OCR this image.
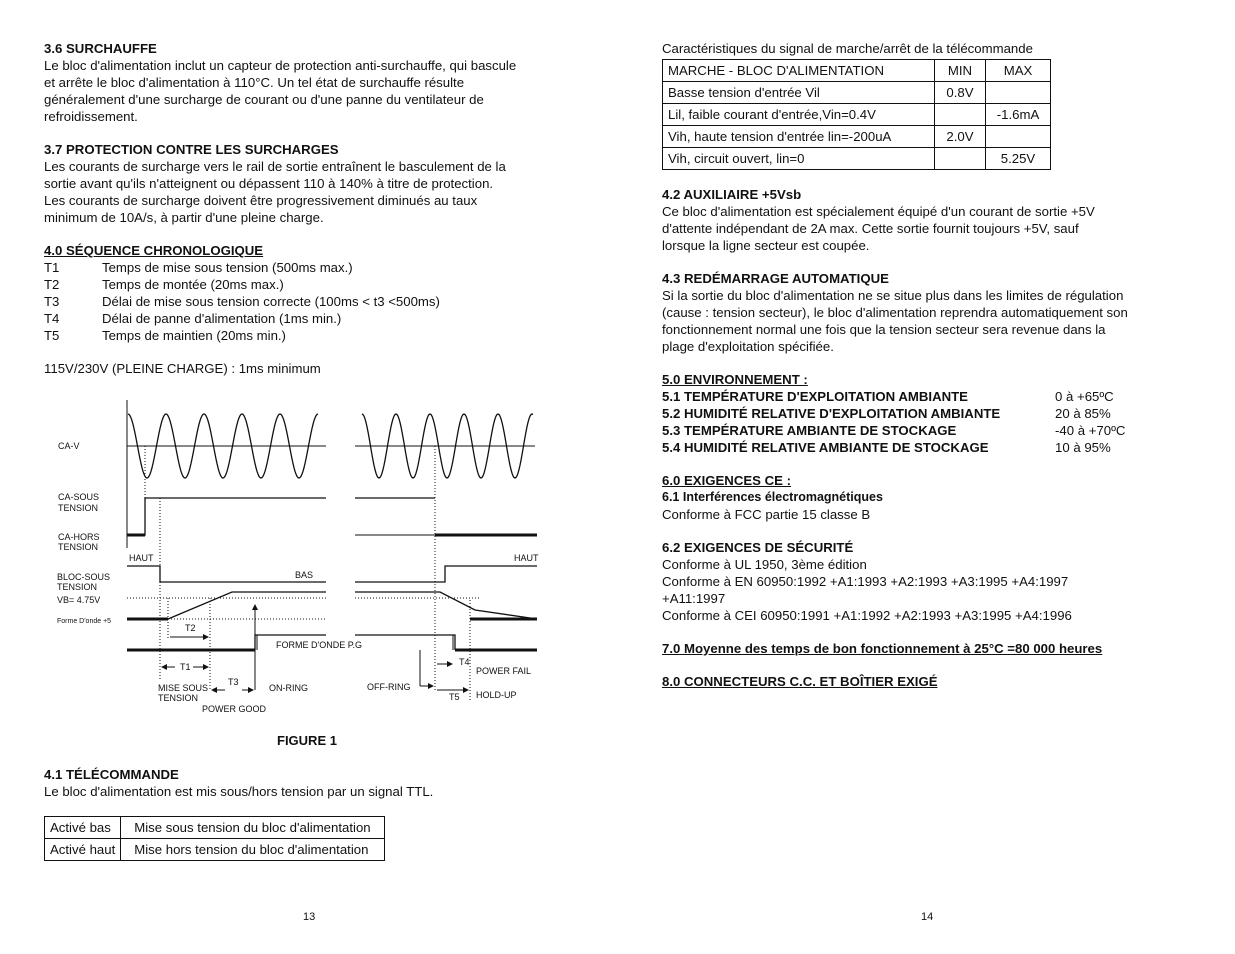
3.6 SURCHAUFFE
Le bloc d'alimentation inclut un capteur de protection anti-surchauffe, qui bascule
et arrête le bloc d'alimentation à 110°C. Un tel état de surchauffe résulte
généralement d'une surcharge de courant ou d'une panne du ventilateur de
refroidissement.
3.7 PROTECTION CONTRE LES SURCHARGES
Les courants de surcharge vers le rail de sortie entraînent le basculement de la
sortie avant qu'ils n'atteignent ou dépassent 110 à 140% à titre de protection.
Les courants de surcharge doivent être progressivement diminués au taux
minimum de 10A/s, à partir d'une pleine charge.
4.0 SÉQUENCE CHRONOLOGIQUE
T1	Temps de mise sous tension (500ms max.)
T2	Temps de montée (20ms max.)
T3	Délai de mise sous tension correcte (100ms < t3 <500ms)
T4	Délai de panne d'alimentation (1ms min.)
T5	Temps de maintien (20ms min.)
115V/230V (PLEINE CHARGE) : 1ms minimum
CA-V
CA-SOUS
TENSION
CA-HORS
TENSION
HAUT	HAUT
BAS
BLOC-SOUS
TENSION
VB= 4.75V
Forme D'onde +5
T2
FORME D'ONDE P.G
T1
T3
MISE SOUS
TENSION
ON-RING
POWER GOOD
OFF-RING
T4
POWER FAIL
T5 HOLD-UP
FIGURE 1
4.1 TÉLÉCOMMANDE
Le bloc d'alimentation est mis sous/hors tension par un signal TTL.
Activé bas	Mise sous tension du bloc d'alimentation
Activé haut	Mise hors tension du bloc d'alimentation
13
Caractéristiques du signal de marche/arrêt de la télécommande
MARCHE - BLOC D'ALIMENTATION	MIN	MAX
Basse tension d'entrée Vil	0.8V	
Lil, faible courant d'entrée,Vin=0.4V		-1.6mA
Vih, haute tension d'entrée lin=-200uA	2.0V	
Vih, circuit ouvert, lin=0		5.25V
4.2 AUXILIAIRE +5Vsb
Ce bloc d'alimentation est spécialement équipé d'un courant de sortie +5V
d'attente indépendant de 2A max. Cette sortie fournit toujours +5V, sauf
lorsque la ligne secteur est coupée.
4.3 REDÉMARRAGE AUTOMATIQUE
Si la sortie du bloc d'alimentation ne se situe plus dans les limites de régulation
(cause : tension secteur), le bloc d'alimentation reprendra automatiquement son
fonctionnement normal une fois que la tension secteur sera revenue dans la
plage d'exploitation spécifiée.
5.0 ENVIRONNEMENT :
5.1 TEMPÉRATURE D'EXPLOITATION AMBIANTE	0 à +65ºC
5.2 HUMIDITÉ RELATIVE D'EXPLOITATION AMBIANTE	20 à 85%
5.3 TEMPÉRATURE AMBIANTE DE STOCKAGE	-40 à +70ºC
5.4 HUMIDITÉ RELATIVE AMBIANTE DE STOCKAGE	10 à 95%
6.0 EXIGENCES CE :
6.1 Interférences électromagnétiques
Conforme à FCC partie 15 classe B
6.2 EXIGENCES DE SÉCURITÉ
Conforme à UL 1950, 3ème édition
Conforme à EN 60950:1992 +A1:1993 +A2:1993 +A3:1995 +A4:1997
+A11:1997
Conforme à CEI 60950:1991 +A1:1992 +A2:1993 +A3:1995 +A4:1996
7.0 Moyenne des temps de bon fonctionnement à 25°C =80 000 heures
8.0 CONNECTEURS C.C. ET BOÎTIER EXIGÉ
14
